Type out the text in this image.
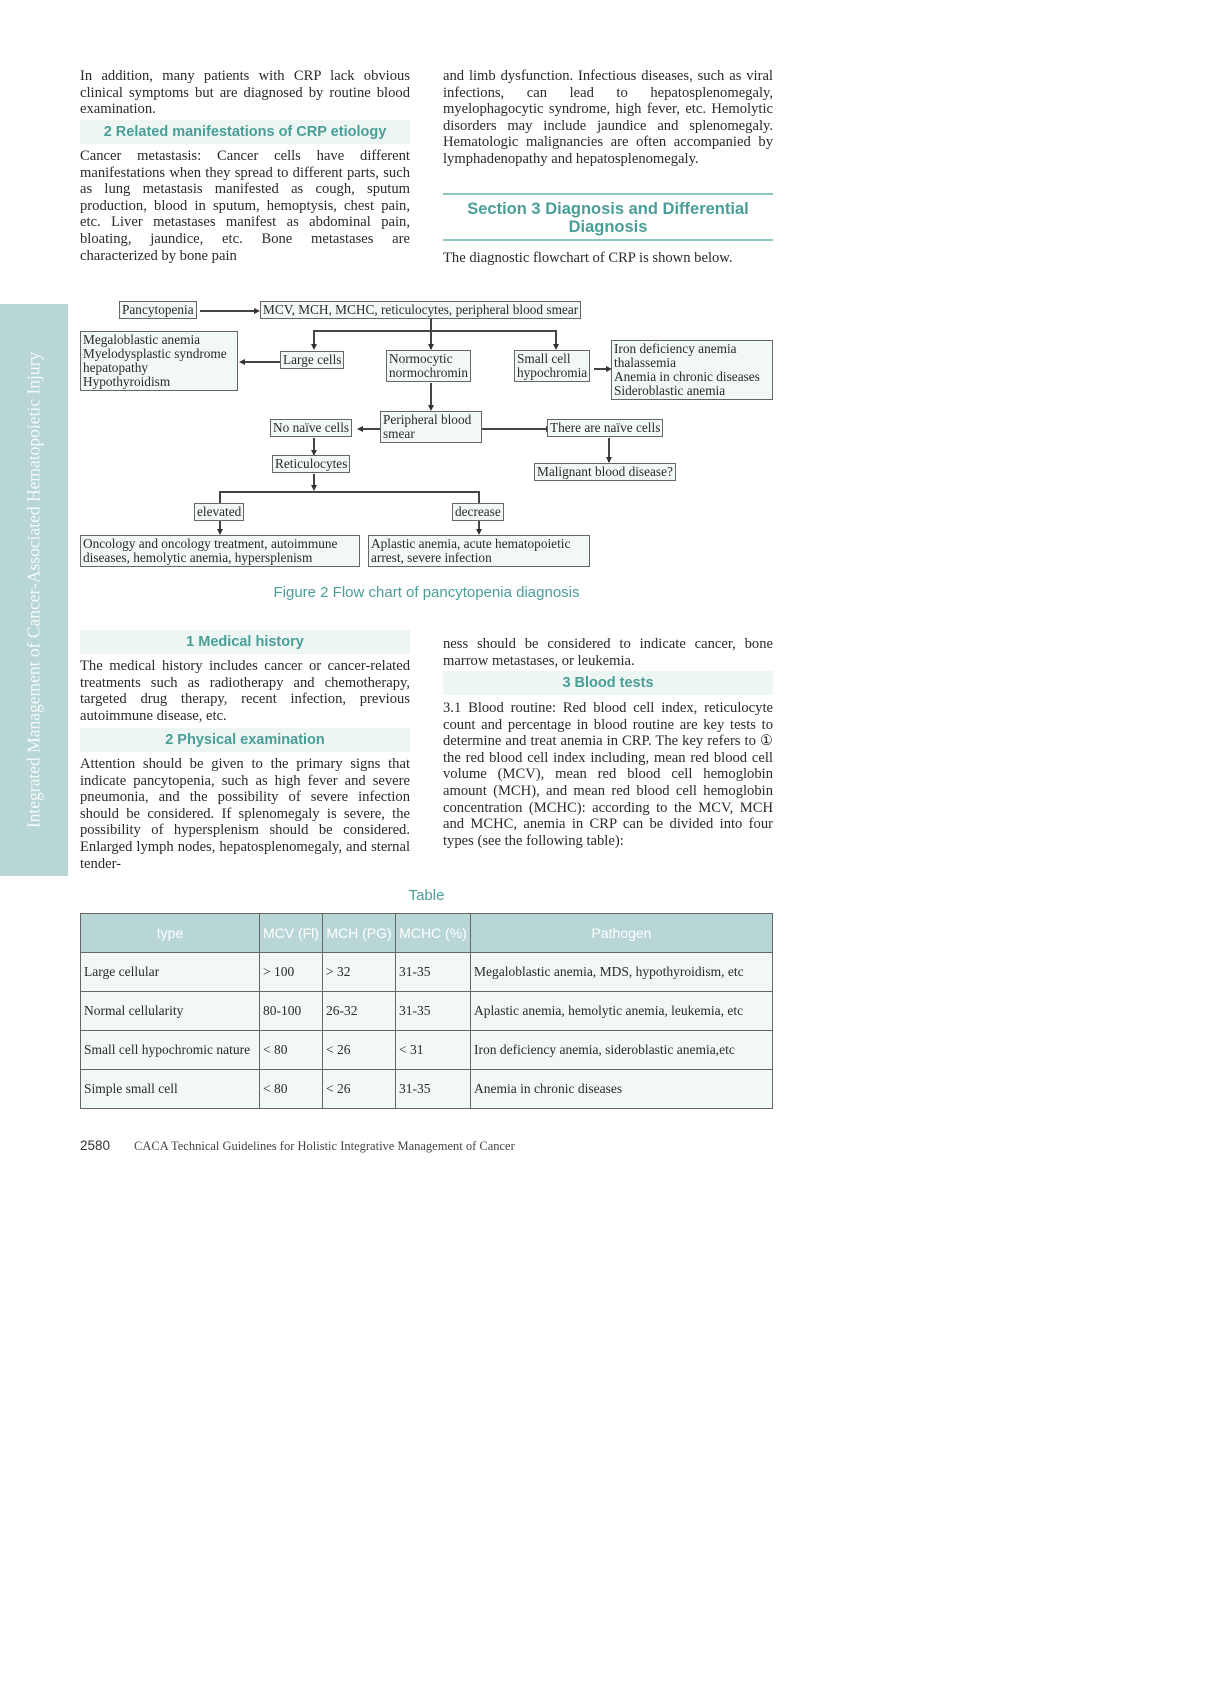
Integrated Management of Cancer-Associated Hematopoietic Injury
In addition, many patients with CRP lack obvious clinical symptoms but are diagnosed by routine blood examination.
2 Related manifestations of CRP etiology
Cancer metastasis: Cancer cells have different manifestations when they spread to different parts, such as lung metastasis manifested as cough, sputum production, blood in sputum, hemoptysis, chest pain, etc. Liver metastases manifest as abdominal pain, bloating, jaundice, etc. Bone metastases are characterized by bone pain
and limb dysfunction. Infectious diseases, such as viral infections, can lead to hepatosplenomegaly, myelophagocytic syndrome, high fever, etc. Hemolytic disorders may include jaundice and splenomegaly. Hematologic malignancies are often accompanied by lymphadenopathy and hepatosplenomegaly.
Section 3 Diagnosis and Differential Diagnosis
The diagnostic flowchart of CRP is shown below.
Pancytopenia	MCV, MCH, MCHC, reticulocytes, peripheral blood smear
Megaloblastic anemia
Myelodysplastic syndrome
hepatopathy
Hypothyroidism
Large cells	Normocytic
normochromin
Small cell
hypochromia
Iron deficiency anemia
thalassemia
Anemia in chronic diseases
Sideroblastic anemia
Peripheral blood
smear
No naïve cells	There are naïve cells
Reticulocytes
Malignant blood disease?
elevated	decrease
Oncology and oncology treatment, autoimmune
diseases, hemolytic anemia, hypersplenism
Aplastic anemia, acute hematopoietic
arrest, severe infection
Figure 2 Flow chart of pancytopenia diagnosis
1 Medical history
The medical history includes cancer or cancer-related treatments such as radiotherapy and chemotherapy, targeted drug therapy, recent infection, previous autoimmune disease, etc.
2 Physical examination
Attention should be given to the primary signs that indicate pancytopenia, such as high fever and severe pneumonia, and the possibility of severe infection should be considered. If splenomegaly is severe, the possibility of hypersplenism should be considered. Enlarged lymph nodes, hepatosplenomegaly, and sternal tender-
ness should be considered to indicate cancer, bone marrow metastases, or leukemia.
3 Blood tests
3.1 Blood routine: Red blood cell index, reticulocyte count and percentage in blood routine are key tests to determine and treat anemia in CRP. The key refers to ① the red blood cell index including, mean red blood cell volume (MCV), mean red blood cell hemoglobin amount (MCH), and mean red blood cell hemoglobin concentration (MCHC): according to the MCV, MCH and MCHC, anemia in CRP can be divided into four types (see the following table):
Table
type	MCV (Fl)	MCH (PG)	MCHC (%)	Pathogen
Large cellular	> 100	> 32	31-35	Megaloblastic anemia, MDS, hypothyroidism, etc
Normal cellularity	80-100	26-32	31-35	Aplastic anemia, hemolytic anemia, leukemia, etc
Small cell hypochromic nature	< 80	< 26	< 31	Iron deficiency anemia, sideroblastic anemia,etc
Simple small cell	< 80	< 26	31-35	Anemia in chronic diseases
2580 CACA Technical Guidelines for Holistic Integrative Management of Cancer
